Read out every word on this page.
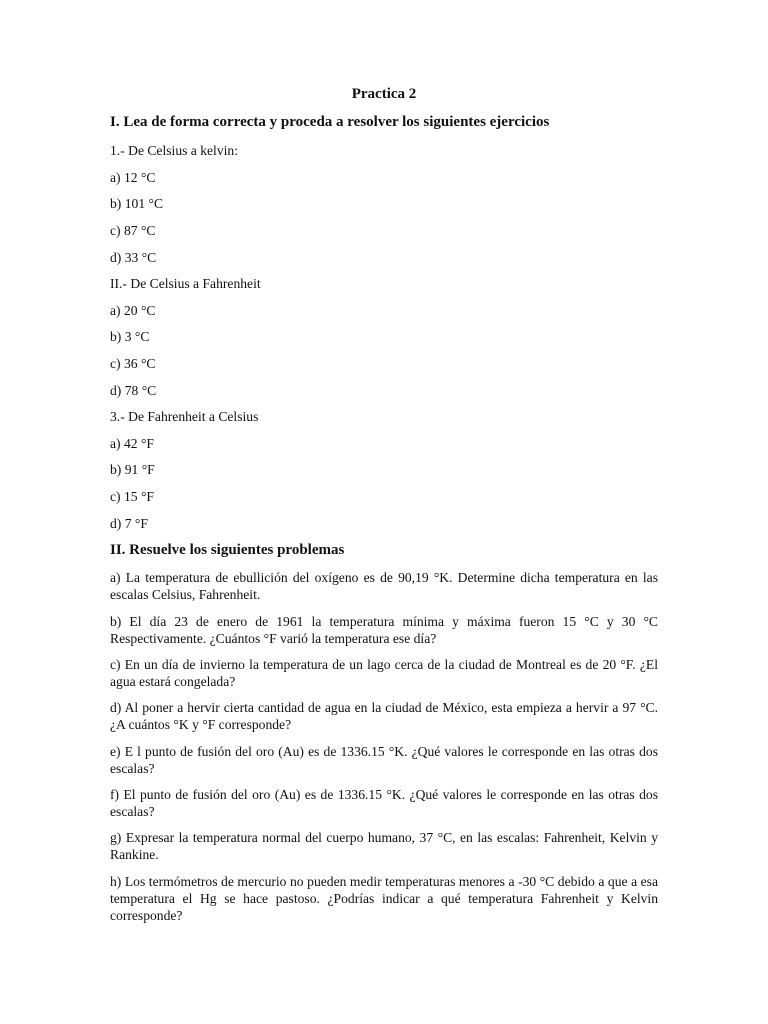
Practica 2
I. Lea de forma correcta y proceda a resolver los siguientes ejercicios
1.- De Celsius a kelvin:
a) 12 °C
b) 101 °C
c) 87 °C
d) 33 °C
II.- De Celsius a Fahrenheit
a) 20 °C
b) 3 °C
c) 36 °C
d) 78 °C
3.- De Fahrenheit a Celsius
a) 42 °F
b) 91 °F
c) 15 °F
d) 7 °F
II. Resuelve los siguientes problemas
a) La temperatura de ebullición del oxígeno es de 90,19 °K. Determine dicha temperatura en las escalas Celsius, Fahrenheit.
b) El día 23 de enero de 1961 la temperatura mínima y máxima fueron 15 °C y 30 °C Respectivamente. ¿Cuántos °F varió la temperatura ese día?
c) En un día de invierno la temperatura de un lago cerca de la ciudad de Montreal es de 20 °F. ¿El agua estará congelada?
d) Al poner a hervir cierta cantidad de agua en la ciudad de México, esta empieza a hervir a 97 °C. ¿A cuántos °K y °F corresponde?
e) E l punto de fusión del oro (Au) es de 1336.15 °K. ¿Qué valores le corresponde en las otras dos escalas?
f) El punto de fusión del oro (Au) es de 1336.15 °K. ¿Qué valores le corresponde en las otras dos escalas?
g) Expresar la temperatura normal del cuerpo humano, 37 °C, en las escalas: Fahrenheit, Kelvin y Rankine.
h) Los termómetros de mercurio no pueden medir temperaturas menores a -30 °C debido a que a esa temperatura el Hg se hace pastoso. ¿Podrías indicar a qué temperatura Fahrenheit y Kelvin corresponde?
